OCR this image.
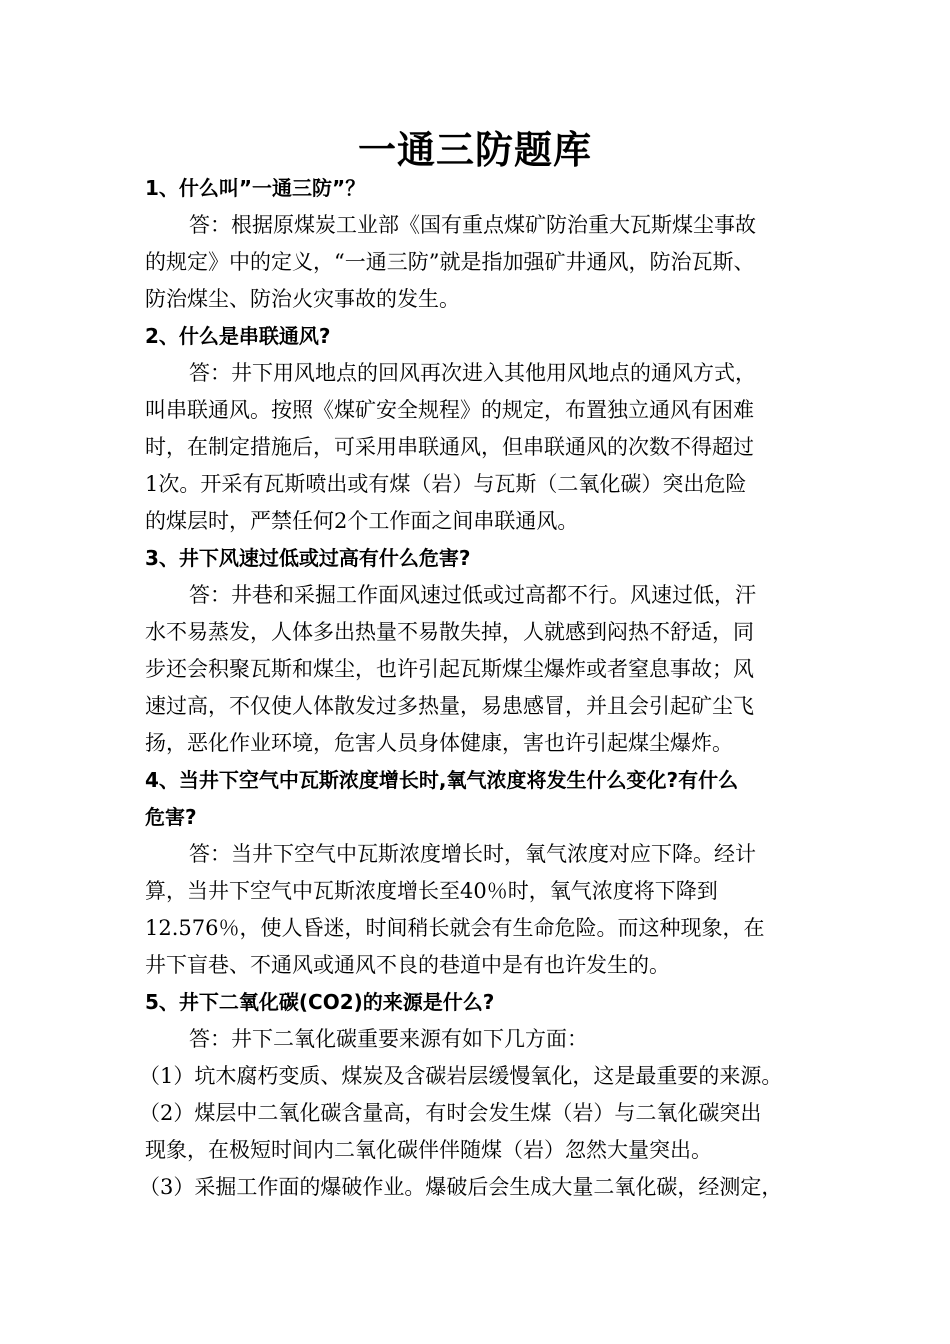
一通三防题库
1、什么叫”一通三防”？
答：根据原煤炭工业部《国有重点煤矿防治重大瓦斯煤尘事故
的规定》中的定义，“一通三防”就是指加强矿井通风，防治瓦斯、
防治煤尘、防治火灾事故的发生。
2、什么是串联通风?
答：井下用风地点的回风再次进入其他用风地点的通风方式，
叫串联通风。按照《煤矿安全规程》的规定，布置独立通风有困难
时，在制定措施后，可采用串联通风，但串联通风的次数不得超过
1次。开采有瓦斯喷出或有煤（岩）与瓦斯（二氧化碳）突出危险
的煤层时，严禁任何2个工作面之间串联通风。
3、井下风速过低或过高有什么危害?
答：井巷和采掘工作面风速过低或过高都不行。风速过低，汗
水不易蒸发，人体多出热量不易散失掉，人就感到闷热不舒适，同
步还会积聚瓦斯和煤尘，也许引起瓦斯煤尘爆炸或者窒息事故；风
速过高，不仅使人体散发过多热量，易患感冒，并且会引起矿尘飞
扬，恶化作业环境，危害人员身体健康，害也许引起煤尘爆炸。
4、当井下空气中瓦斯浓度增长时,氧气浓度将发生什么变化?有什么
危害?
答：当井下空气中瓦斯浓度增长时，氧气浓度对应下降。经计
算，当井下空气中瓦斯浓度增长至40％时，氧气浓度将下降到
12.576％，使人昏迷，时间稍长就会有生命危险。而这种现象，在
井下盲巷、不通风或通风不良的巷道中是有也许发生的。
5、井下二氧化碳(CO2)的来源是什么?
答：井下二氧化碳重要来源有如下几方面：
（1）坑木腐朽变质、煤炭及含碳岩层缓慢氧化，这是最重要的来源。
（2）煤层中二氧化碳含量高，有时会发生煤（岩）与二氧化碳突出
现象，在极短时间内二氧化碳伴伴随煤（岩）忽然大量突出。
（3）采掘工作面的爆破作业。爆破后会生成大量二氧化碳，经测定，
